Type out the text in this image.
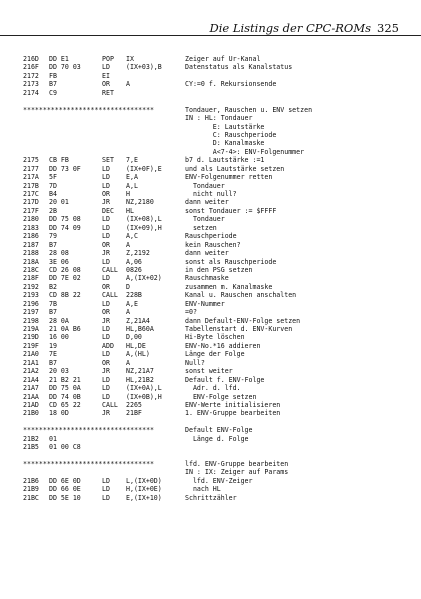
Die Listings der CPC-ROMs 325
216D DD E1	POP IX	Zeiger auf Ur-Kanal
216F DD 70 03	LD (IX+03),B	Datenstatus als Kanalstatus
2172 FB	EI
2173 B7	OR A	CY:=0 f. Rekursionsende
2174 C9	RET
*********************************	Tondauer, Rauschen u. ENV setzen
IN : HL: Tondauer
E: Lautstärke
C: Rauschperiode
D: Kanalmaske
A<7-4>: ENV-Folgenummer
2175 CB FB	SET 7,E	b7 d. Lautstärke :=1
2177 DD 73 0F	LD (IX+0F),E	und als Lautstärke setzen
217A 5F	LD E,A	ENV-Folgenummer retten
217B 7D	LD A,L	Tondauer
217C B4	OR H	nicht null?
217D 20 01	JR NZ,2180	dann weiter
217F 2B	DEC HL	sonst Tondauer := $FFFF
2180 DD 75 08	LD (IX+08),L	Tondauer
2183 DD 74 09	LD (IX+09),H	setzen
2186 79	LD A,C	Rauschperiode
2187 B7	OR A	kein Rauschen?
2188 28 08	JR Z,2192	dann weiter
218A 3E 06	LD A,06	sonst als Rauschperiode
218C CD 26 08	CALL 0826	in den PSG setzen
218F DD 7E 02	LD A,(IX+02)	Rauschmaske
2192 B2	OR D	zusammen m. Kanalmaske
2193 CD 8B 22	CALL 228B	Kanal u. Rauschen anschalten
2196 7B	LD A,E	ENV-Nummer
2197 B7	OR A	=0?
2198 28 0A	JR Z,21A4	dann Default-ENV-Folge setzen
219A 21 0A B6	LD HL,B60A	Tabellenstart d. ENV-Kurven
219D 16 00	LD D,00	Hi-Byte löschen
219F 19	ADD HL,DE	ENV-No.*16 addieren
21A0 7E	LD A,(HL)	Länge der Folge
21A1 B7	OR A	Null?
21A2 20 03	JR NZ,21A7	sonst weiter
21A4 21 B2 21	LD HL,21B2	Default f. ENV-Folge
21A7 DD 75 0A	LD (IX+0A),L	Adr. d. lfd.
21AA DD 74 0B	LD (IX+0B),H	ENV-Folge setzen
21AD CD 65 22	CALL 2265	ENV-Werte initialisieren
21B0 18 0D	JR 21BF	1. ENV-Gruppe bearbeiten
*********************************	Default ENV-Folge
21B2 01	Länge d. Folge
21B5 01 00 C8
*********************************	lfd. ENV-Gruppe bearbeiten
IN : IX: Zeiger auf Params
21B6 DD 6E 0D	LD L,(IX+0D)	lfd. ENV-Zeiger
21B9 DD 66 0E	LD H,(IX+0E)	nach HL
21BC DD 5E 10	LD E,(IX+10)	Schrittzähler
